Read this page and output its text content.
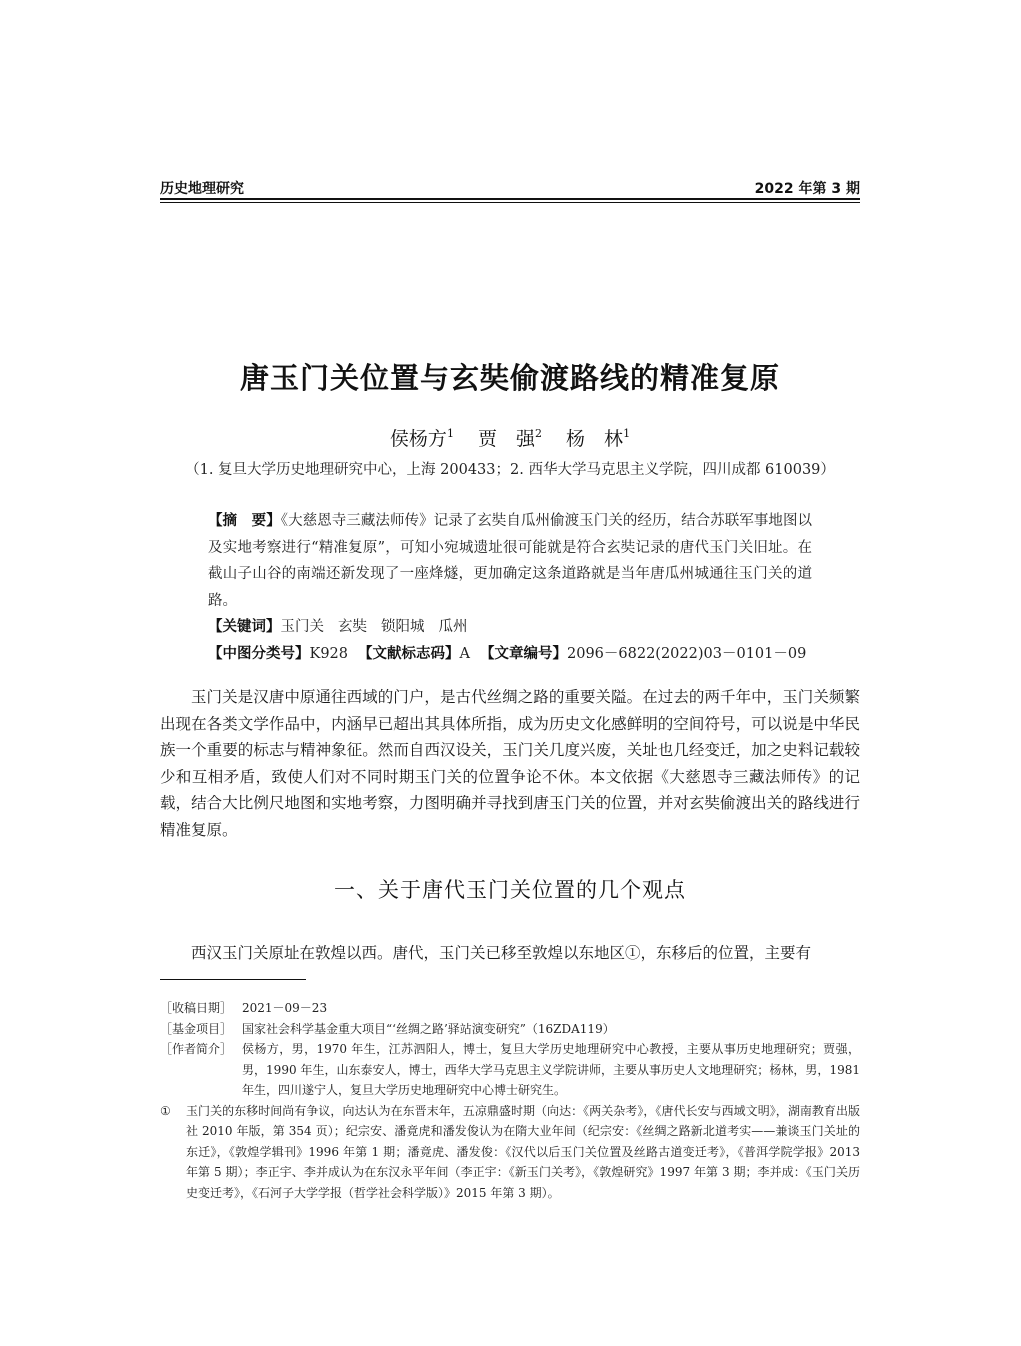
历史地理研究	2022 年第 3 期
唐玉门关位置与玄奘偷渡路线的精准复原
侯杨方$^1$ 贾　强$^2$ 杨　林$^1$
（1. 复旦大学历史地理研究中心，上海 200433；2. 西华大学马克思主义学院，四川成都 610039）
【摘　要】《大慈恩寺三藏法师传》记录了玄奘自瓜州偷渡玉门关的经历，结合苏联军事地图以及实地考察进行“精准复原”，可知小宛城遗址很可能就是符合玄奘记录的唐代玉门关旧址。在截山子山谷的南端还新发现了一座烽燧，更加确定这条道路就是当年唐瓜州城通往玉门关的道路。
【关键词】玉门关 玄奘 锁阳城 瓜州
【中图分类号】K928 【文献标志码】A 【文章编号】2096－6822(2022)03－0101－09
玉门关是汉唐中原通往西域的门户，是古代丝绸之路的重要关隘。在过去的两千年中，玉门关频繁出现在各类文学作品中，内涵早已超出其具体所指，成为历史文化感鲜明的空间符号，可以说是中华民族一个重要的标志与精神象征。然而自西汉设关，玉门关几度兴废，关址也几经变迁，加之史料记载较少和互相矛盾，致使人们对不同时期玉门关的位置争论不休。本文依据《大慈恩寺三藏法师传》的记载，结合大比例尺地图和实地考察，力图明确并寻找到唐玉门关的位置，并对玄奘偷渡出关的路线进行精准复原。
一、关于唐代玉门关位置的几个观点
西汉玉门关原址在敦煌以西。唐代，玉门关已移至敦煌以东地区①，东移后的位置，主要有
［收稿日期］ 2021－09－23
［基金项目］ 国家社会科学基金重大项目“‘丝绸之路’驿站演变研究”（16ZDA119）
［作者简介］ 侯杨方，男，1970 年生，江苏泗阳人，博士，复旦大学历史地理研究中心教授，主要从事历史地理研究；贾强，男，1990 年生，山东泰安人，博士，西华大学马克思主义学院讲师，主要从事历史人文地理研究；杨林，男，1981 年生，四川遂宁人，复旦大学历史地理研究中心博士研究生。
① 玉门关的东移时间尚有争议，向达认为在东晋末年，五凉鼎盛时期（向达：《两关杂考》，《唐代长安与西域文明》，湖南教育出版社 2010 年版，第 354 页）；纪宗安、潘竟虎和潘发俊认为在隋大业年间（纪宗安：《丝绸之路新北道考实——兼谈玉门关址的东迁》，《敦煌学辑刊》1996 年第 1 期；潘竟虎、潘发俊：《汉代以后玉门关位置及丝路古道变迁考》，《普洱学院学报》2013 年第 5 期）；李正宇、李并成认为在东汉永平年间（李正宇：《新玉门关考》，《敦煌研究》1997 年第 3 期；李并成：《玉门关历史变迁考》，《石河子大学学报（哲学社会科学版）》2015 年第 3 期）。
